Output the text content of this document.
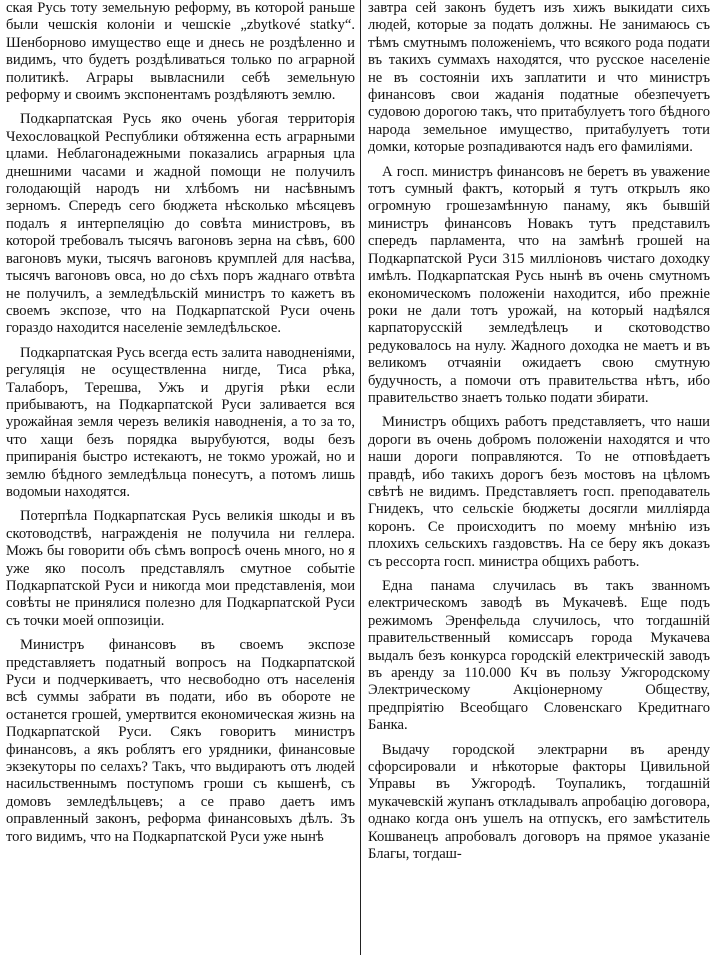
ская Русь тоту земельную реформу, въ которой раньше были чешскія колоніи и чешскіе „zbytkové statky“. Шенборново имущество еще и днесь не роздѣленно и видимъ, что будетъ роздѣливаться только по аграрной политикѣ. Аграры вывласнили себѣ земельную реформу и своимъ экспонентамъ роздѣляютъ землю.

Подкарпатская Русь яко очень убогая территорія Чехословацкой Республики обтяженна есть аграрными цлами. Неблагонадежными показались аграрныя цла днешними часами и жадной помощи не получилъ голодающій народъ ни хлѣбомъ ни насѣвнымъ зерномъ. Спередъ сего бюджета нѣсколько мѣсяцевъ подалъ я интерпеляцію до совѣта министровъ, въ которой требовалъ тысячъ вагоновъ зерна на сѣвъ, 600 вагоновъ муки, тысячъ вагоновъ крумплей для насѣва, тысячъ вагоновъ овса, но до сѣхъ поръ жаднаго отвѣта не получилъ, а земледѣльскій министръ то кажетъ въ своемъ экспозе, что на Подкарпатской Руси очень гораздо находится населеніе земледѣльское.

Подкарпатская Русь всегда есть залита наводненіями, регуляція не осуществленна нигде, Тиса рѣка, Талаборъ, Терешва, Ужъ и другія рѣки если прибываютъ, на Подкарпатской Руси заливается вся урожайная земля черезъ великія наводненія, а то за то, что хащи безъ порядка вырубуются, воды безъ припиранія быстро истекаютъ, не токмо урожай, но и землю бѣдного земледѣльца понесутъ, а потомъ лишь водомыи находятся.

Потерпѣла Подкарпатская Русь великія шкоды и въ скотоводствѣ, награжденія не получила ни геллера. Можъ бы говорити объ сѣмъ вопросѣ очень много, но я уже яко посолъ представлялъ смутное событіе Подкарпатской Руси и никогда мои представленія, мои совѣты не принялися полезно для Подкарпатской Руси съ точки моей оппозиціи.

Министръ финансовъ въ своемъ экспозе представляетъ податный вопросъ на Подкарпатской Руси и подчеркиваетъ, что несвободно отъ населенія всѣ суммы забрати въ подати, ибо въ обороте не останется грошей, умертвится економическая жизнь на Подкарпатской Руси. Сякъ говоритъ министръ финансовъ, а якъ роблятъ его урядники, финансовые экзекуторы по селахъ? Такъ, что выдираютъ отъ людей насильственнымъ поступомъ гроши съ кышенѣ, съ домовъ земледѣльцевъ; а се право даетъ имъ оправленный законъ, реформа финансовыхъ дѣлъ. Зъ того видимъ, что на Подкарпатской Руси уже нынѣ

завтра сей законъ будетъ изъ хижъ выкидати сихъ людей, которые за подать должны. Не занимаюсь съ тѣмъ смутнымъ положеніемъ, что всякого рода подати въ такихъ суммахъ находятся, что русское населеніе не въ состояніи ихъ заплатити и что министръ финансовъ свои жаданія податные обезпечуетъ судовою дорогою такъ, что притабулуетъ того бѣдного народа земельное имущество, притабулуетъ тоти домки, которые розпадиваются надъ его фамиліями.

А госп. министръ финансовъ не беретъ въ уважение тотъ сумный фактъ, который я тутъ открылъ яко огромную грошезамѣнную панаму, якъ бывшій министръ финансовъ Новакъ тутъ представилъ спередъ парламента, что на замѣнѣ грошей на Подкарпатской Руси 315 милліоновъ чистаго доходку имѣлъ. Подкарпатская Русь нынѣ въ очень смутномъ економическомъ положеніи находится, ибо прежніе роки не дали тотъ урожай, на который надѣялся карпаторусскій земледѣлецъ и скотоводство редуковалось на нулу. Жадного доходка не маетъ и въ великомъ отчаяніи ожидаетъ свою смутную будучность, а помочи отъ правительства нѣтъ, ибо правительство знаетъ только подати збирати.

Министръ общихъ работъ представляетъ, что наши дороги въ очень добромъ положеніи находятся и что наши дороги поправляются. То не отповѣдаетъ правдѣ, ибо такихъ дорогъ безъ мостовъ на цѣломъ свѣтѣ не видимъ. Представляетъ госп. преподаватель Гнидекъ, что сельскіе бюджеты досягли милліярда коронъ. Се происходитъ по моему мнѣнію изъ плохихъ сельскихъ газдовствъ. На се беру якъ доказъ съ рессорта госп. министра общихъ работъ.

Една панама случилась въ такъ званномъ електрическомъ заводѣ въ Мукачевѣ. Еще подъ режимомъ Эренфельда случилось, что тогдашній правительственный комиссаръ города Мукачева выдалъ безъ конкурса городскій електрическій заводъ въ аренду за 110.000 Кч въ пользу Ужгородскому Электрическому Акціонерному Обществу, предпріятію Всеобщаго Словенскаго Кредитнаго Банка.

Выдачу городской электрарни въ аренду сфорсировали и нѣкоторые факторы Цивильной Управы въ Ужгородѣ. Тоупаликъ, тогдашній мукачевскій жупанъ откладывалъ апробацію договора, однако когда онъ ушелъ на отпускъ, его замѣститель Кошванецъ апробовалъ договоръ на прямое указаніе Благы, тогдаш-
